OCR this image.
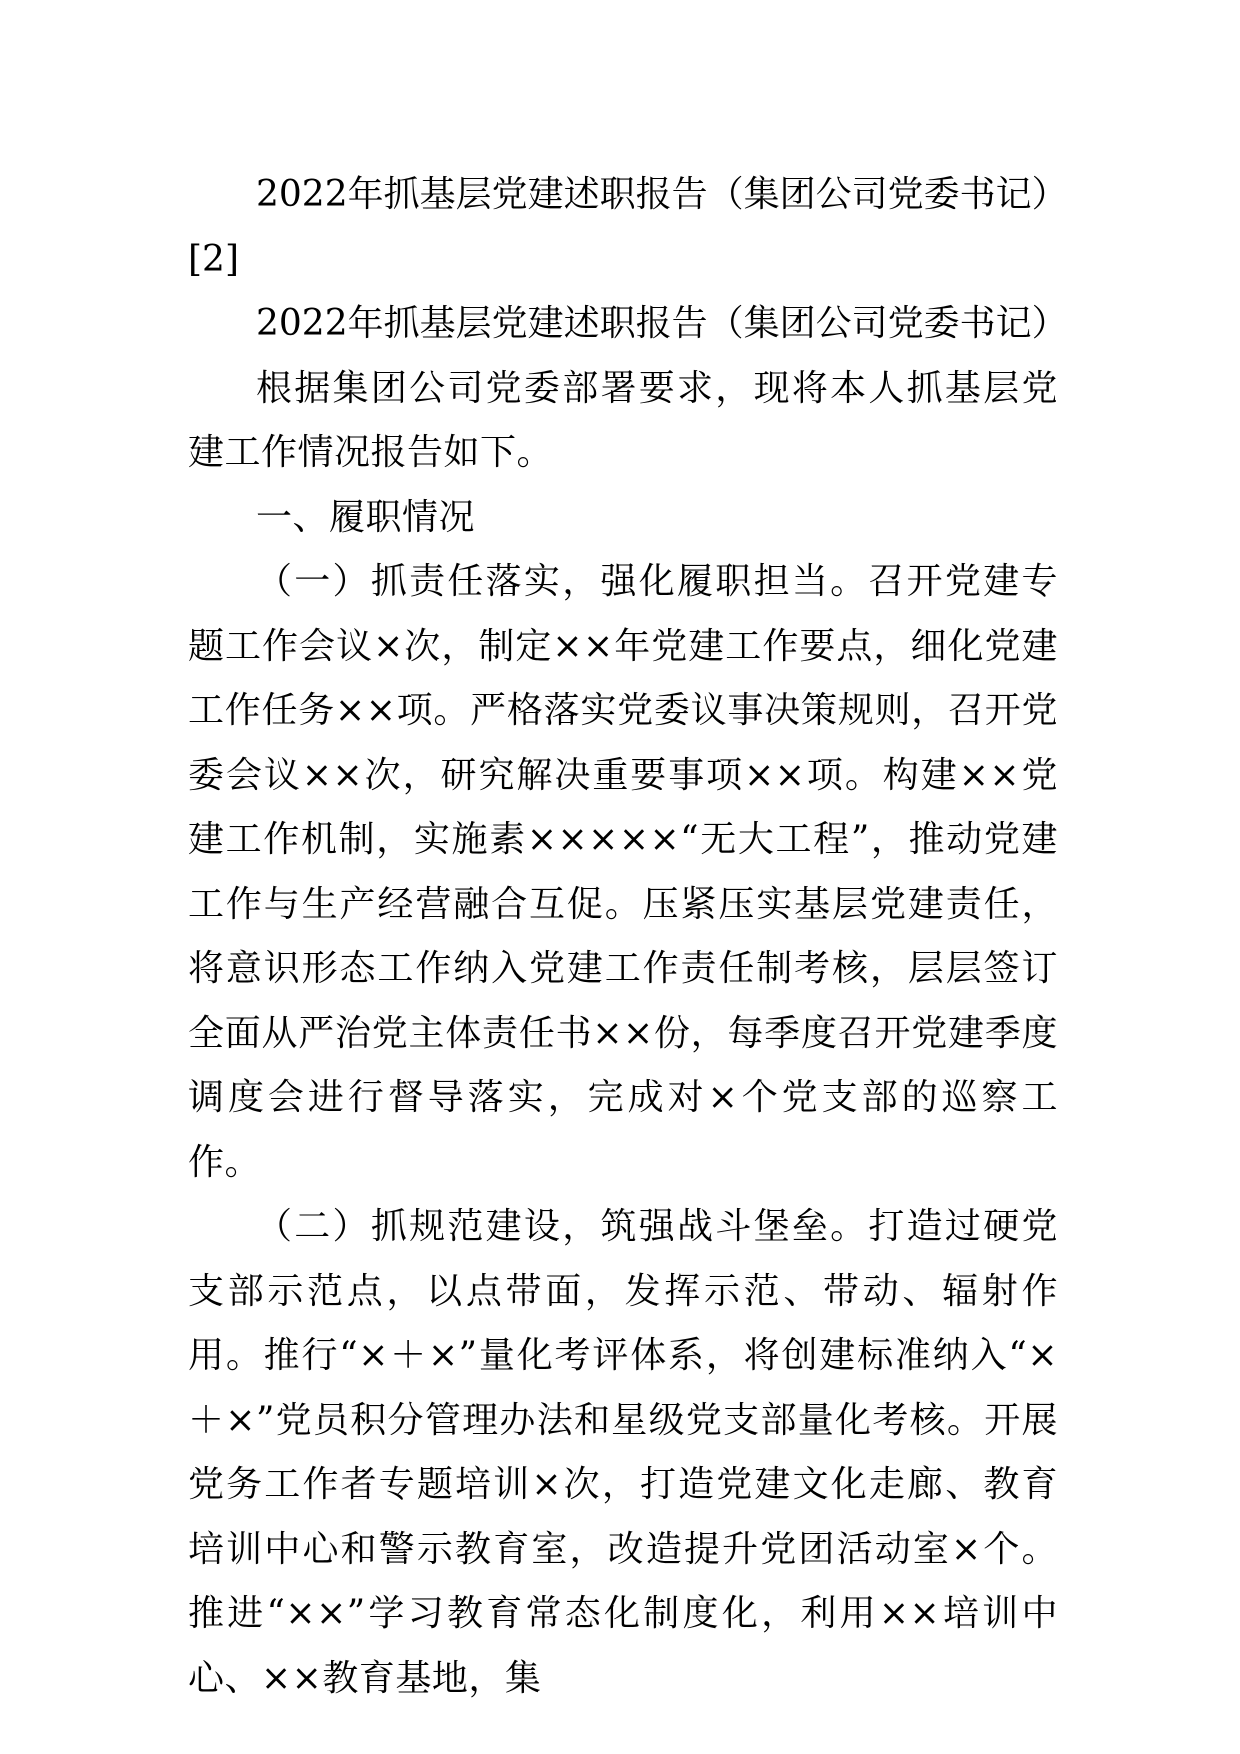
2022年抓基层党建述职报告（集团公司党委书记）

[2]

2022年抓基层党建述职报告（集团公司党委书记）

根据集团公司党委部署要求，现将本人抓基层党建工作情况报告如下。

一、履职情况

（一）抓责任落实，强化履职担当。召开党建专题工作会议×次，制定××年党建工作要点，细化党建工作任务××项。严格落实党委议事决策规则，召开党委会议××次，研究解决重要事项××项。构建××党建工作机制，实施素×××××“无大工程”，推动党建工作与生产经营融合互促。压紧压实基层党建责任，将意识形态工作纳入党建工作责任制考核，层层签订全面从严治党主体责任书××份，每季度召开党建季度调度会进行督导落实，完成对×个党支部的巡察工作。

（二）抓规范建设，筑强战斗堡垒。打造过硬党支部示范点，以点带面，发挥示范、带动、辐射作用。推行“×＋×”量化考评体系，将创建标准纳入“×＋×”党员积分管理办法和星级党支部量化考核。开展党务工作者专题培训×次，打造党建文化走廊、教育培训中心和警示教育室，改造提升党团活动室×个。推进“××”学习教育常态化制度化，利用××培训中心、××教育基地，集
